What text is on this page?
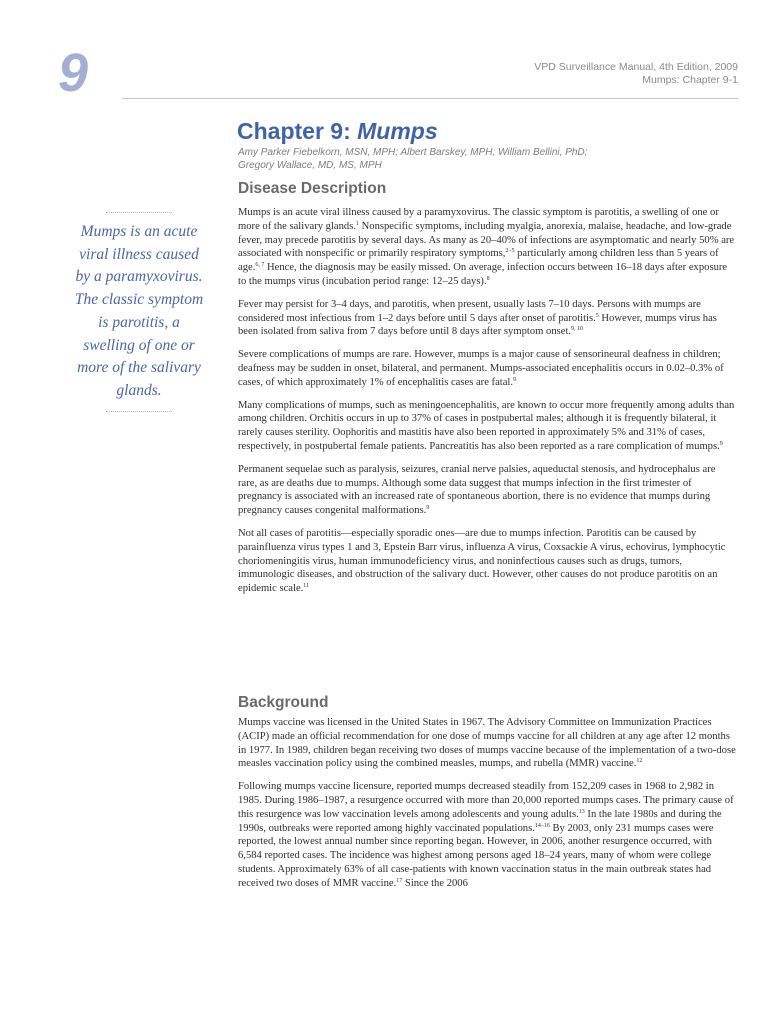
9	VPD Surveillance Manual, 4th Edition, 2009
Mumps: Chapter 9-1
Chapter 9: Mumps
Amy Parker Fiebelkorn, MSN, MPH; Albert Barskey, MPH; William Bellini, PhD;
Gregory Wallace, MD, MS, MPH
Mumps is an acute viral illness caused by a paramyxovirus. The classic symptom is parotitis, a swelling of one or more of the salivary glands.
Disease Description

Mumps is an acute viral illness caused by a paramyxovirus. The classic symptom is parotitis, a swelling of one or more of the salivary glands.$^1$ Nonspecific symptoms, including myalgia, anorexia, malaise, headache, and low-grade fever, may precede parotitis by several days. As many as 20–40% of infections are asymptomatic and nearly 50% are associated with nonspecific or primarily respiratory symptoms,$^{2-5}$ particularly among children less than 5 years of age.$^{6, 7}$ Hence, the diagnosis may be easily missed. On average, infection occurs between 16–18 days after exposure to the mumps virus (incubation period range: 12–25 days).$^8$

Fever may persist for 3–4 days, and parotitis, when present, usually lasts 7–10 days. Persons with mumps are considered most infectious from 1–2 days before until 5 days after onset of parotitis.$^5$ However, mumps virus has been isolated from saliva from 7 days before until 8 days after symptom onset.$^{9, 10}$

Severe complications of mumps are rare. However, mumps is a major cause of sensorineural deafness in children; deafness may be sudden in onset, bilateral, and permanent. Mumps-associated encephalitis occurs in 0.02–0.3% of cases, of which approximately 1% of encephalitis cases are fatal.$^9$

Many complications of mumps, such as meningoencephalitis, are known to occur more frequently among adults than among children. Orchitis occurs in up to 37% of cases in postpubertal males; although it is frequently bilateral, it rarely causes sterility. Oophoritis and mastitis have also been reported in approximately 5% and 31% of cases, respectively, in postpubertal female patients. Pancreatitis has also been reported as a rare complication of mumps.$^9$

Permanent sequelae such as paralysis, seizures, cranial nerve palsies, aqueductal stenosis, and hydrocephalus are rare, as are deaths due to mumps. Although some data suggest that mumps infection in the first trimester of pregnancy is associated with an increased rate of spontaneous abortion, there is no evidence that mumps during pregnancy causes congenital malformations.$^9$

Not all cases of parotitis—especially sporadic ones—are due to mumps infection. Parotitis can be caused by parainfluenza virus types 1 and 3, Epstein Barr virus, influenza A virus, Coxsackie A virus, echovirus, lymphocytic choriomeningitis virus, human immunodeficiency virus, and noninfectious causes such as drugs, tumors, immunologic diseases, and obstruction of the salivary duct. However, other causes do not produce parotitis on an epidemic scale.$^{11}$

Background

Mumps vaccine was licensed in the United States in 1967. The Advisory Committee on Immunization Practices (ACIP) made an official recommendation for one dose of mumps vaccine for all children at any age after 12 months in 1977. In 1989, children began receiving two doses of mumps vaccine because of the implementation of a two-dose measles vaccination policy using the combined measles, mumps, and rubella (MMR) vaccine.$^{12}$

Following mumps vaccine licensure, reported mumps decreased steadily from 152,209 cases in 1968 to 2,982 in 1985. During 1986–1987, a resurgence occurred with more than 20,000 reported mumps cases. The primary cause of this resurgence was low vaccination levels among adolescents and young adults.$^{13}$ In the late 1980s and during the 1990s, outbreaks were reported among highly vaccinated populations.$^{14-16}$ By 2003, only 231 mumps cases were reported, the lowest annual number since reporting began. However, in 2006, another resurgence occurred, with 6,584 reported cases. The incidence was highest among persons aged 18–24 years, many of whom were college students. Approximately 63% of all case-patients with known vaccination status in the main outbreak states had received two doses of MMR vaccine.$^{17}$ Since the 2006
